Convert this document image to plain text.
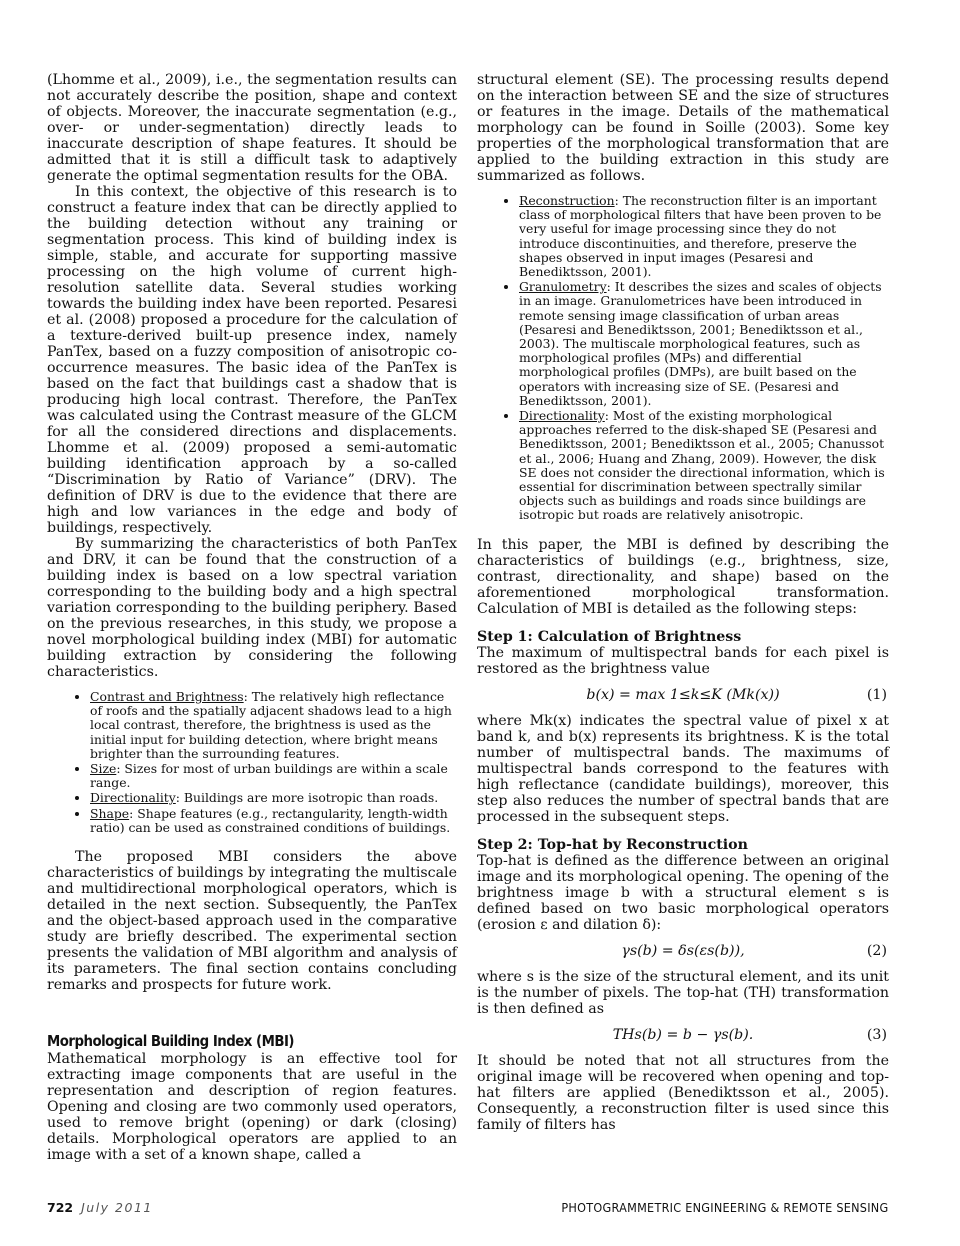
(Lhomme et al., 2009), i.e., the segmentation results can not accurately describe the position, shape and context of objects. Moreover, the inaccurate segmentation (e.g., over- or under-segmentation) directly leads to inaccurate description of shape features. It should be admitted that it is still a difficult task to adaptively generate the optimal segmentation results for the OBA.

In this context, the objective of this research is to construct a feature index that can be directly applied to the building detection without any training or segmentation process. This kind of building index is simple, stable, and accurate for supporting massive processing on the high volume of current high-resolution satellite data. Several studies working towards the building index have been reported. Pesaresi et al. (2008) proposed a procedure for the calculation of a texture-derived built-up presence index, namely PanTex, based on a fuzzy composition of anisotropic co-occurrence measures. The basic idea of the PanTex is based on the fact that buildings cast a shadow that is producing high local contrast. Therefore, the PanTex was calculated using the Contrast measure of the GLCM for all the considered directions and displacements. Lhomme et al. (2009) proposed a semi-automatic building identification approach by a so-called “Discrimination by Ratio of Variance” (DRV). The definition of DRV is due to the evidence that there are high and low variances in the edge and body of buildings, respectively.

By summarizing the characteristics of both PanTex and DRV, it can be found that the construction of a building index is based on a low spectral variation corresponding to the building body and a high spectral variation corresponding to the building periphery. Based on the previous researches, in this study, we propose a novel morphological building index (MBI) for automatic building extraction by considering the following characteristics.

• Contrast and Brightness: The relatively high reflectance of roofs and the spatially adjacent shadows lead to a high local contrast, therefore, the brightness is used as the initial input for building detection, where bright means brighter than the surrounding features.
• Size: Sizes for most of urban buildings are within a scale range.
• Directionality: Buildings are more isotropic than roads.
• Shape: Shape features (e.g., rectangularity, length-width ratio) can be used as constrained conditions of buildings.

The proposed MBI considers the above characteristics of buildings by integrating the multiscale and multidirectional morphological operators, which is detailed in the next section. Subsequently, the PanTex and the object-based approach used in the comparative study are briefly described. The experimental section presents the validation of MBI algorithm and analysis of its parameters. The final section contains concluding remarks and prospects for future work.

Morphological Building Index (MBI)

Mathematical morphology is an effective tool for extracting image components that are useful in the representation and description of region features. Opening and closing are two commonly used operators, used to remove bright (opening) or dark (closing) details. Morphological operators are applied to an image with a set of a known shape, called a

structural element (SE). The processing results depend on the interaction between SE and the size of structures or features in the image. Details of the mathematical morphology can be found in Soille (2003). Some key properties of the morphological transformation that are applied to the building extraction in this study are summarized as follows.

• Reconstruction: The reconstruction filter is an important class of morphological filters that have been proven to be very useful for image processing since they do not introduce discontinuities, and therefore, preserve the shapes observed in input images (Pesaresi and Benediktsson, 2001).
• Granulometry: It describes the sizes and scales of objects in an image. Granulometrices have been introduced in remote sensing image classification of urban areas (Pesaresi and Benediktsson, 2001; Benediktsson et al., 2003). The multiscale morphological features, such as morphological profiles (MPs) and differential morphological profiles (DMPs), are built based on the operators with increasing size of SE. (Pesaresi and Benediktsson, 2001).
• Directionality: Most of the existing morphological approaches referred to the disk-shaped SE (Pesaresi and Benediktsson, 2001; Benediktsson et al., 2005; Chanussot et al., 2006; Huang and Zhang, 2009). However, the disk SE does not consider the directional information, which is essential for discrimination between spectrally similar objects such as buildings and roads since buildings are isotropic but roads are relatively anisotropic.

In this paper, the MBI is defined by describing the characteristics of buildings (e.g., brightness, size, contrast, directionality, and shape) based on the aforementioned morphological transformation. Calculation of MBI is detailed as the following steps:

Step 1: Calculation of Brightness

The maximum of multispectral bands for each pixel is restored as the brightness value

b(x) = max 1≤k≤K (Mk(x))	(1)

where Mk(x) indicates the spectral value of pixel x at band k, and b(x) represents its brightness. K is the total number of multispectral bands. The maximums of multispectral bands correspond to the features with high reflectance (candidate buildings), moreover, this step also reduces the number of spectral bands that are processed in the subsequent steps.

Step 2: Top-hat by Reconstruction

Top-hat is defined as the difference between an original image and its morphological opening. The opening of the brightness image b with a structural element s is defined based on two basic morphological operators (erosion ε and dilation δ):

γs(b) = δs(εs(b)),	(2)

where s is the size of the structural element, and its unit is the number of pixels. The top-hat (TH) transformation is then defined as

THs(b) = b − γs(b).	(3)

It should be noted that not all structures from the original image will be recovered when opening and top-hat filters are applied (Benediktsson et al., 2005). Consequently, a reconstruction filter is used since this family of filters has

722 July 2011	PHOTOGRAMMETRIC ENGINEERING & REMOTE SENSING
